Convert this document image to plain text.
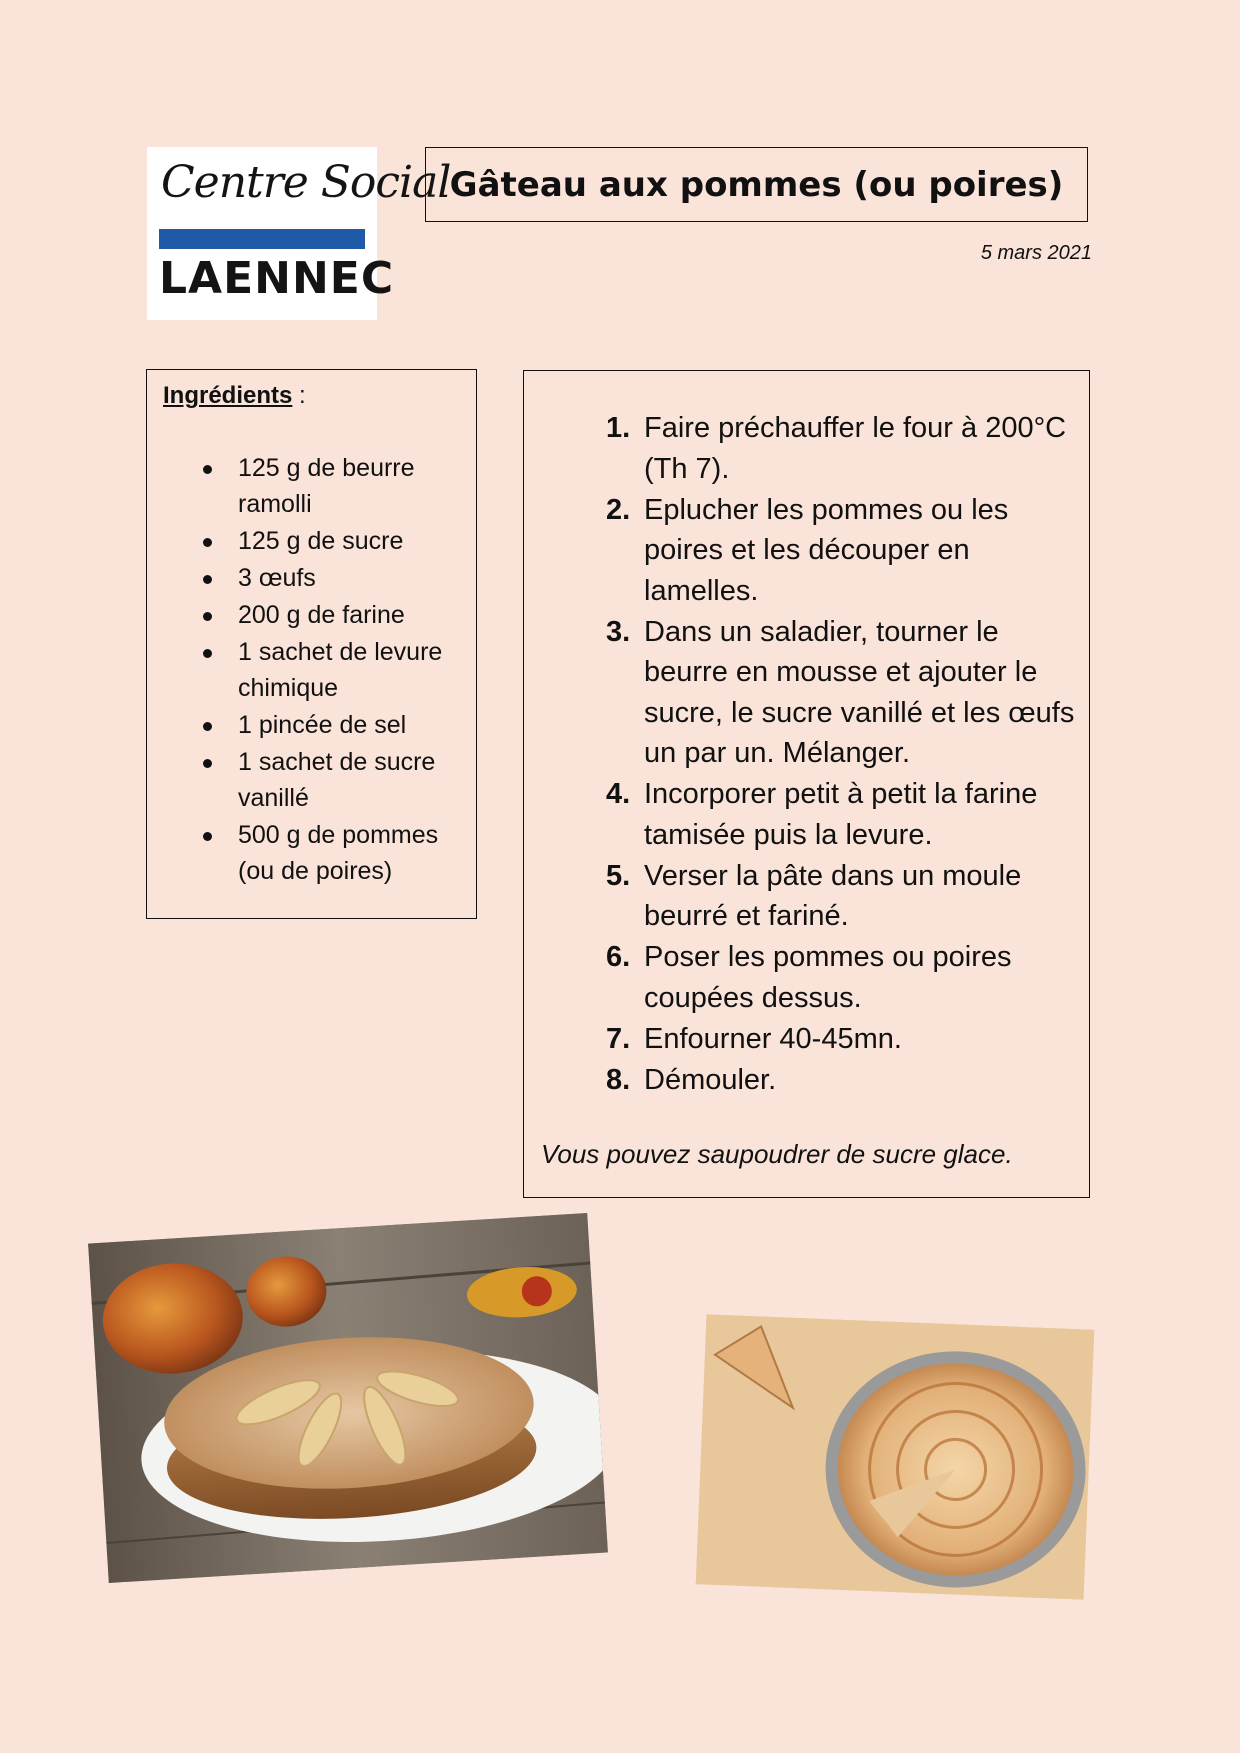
Centre Social
LAENNEC
Gâteau aux pommes (ou poires)
5 mars 2021
Ingrédients :
125 g de beurre ramolli
125 g de sucre
3 œufs
200 g de farine
1 sachet de levure chimique
1 pincée de sel
1 sachet de sucre vanillé
500 g de pommes (ou de poires)
1. Faire préchauffer le four à 200°C (Th 7).
2. Eplucher les pommes ou les poires et les découper en lamelles.
3. Dans un saladier, tourner le beurre en mousse et ajouter le sucre, le sucre vanillé et les œufs un par un. Mélanger.
4. Incorporer petit à petit la farine tamisée puis la levure.
5. Verser la pâte dans un moule beurré et fariné.
6. Poser les pommes ou poires coupées dessus.
7. Enfourner 40-45mn.
8. Démouler.
Vous pouvez saupoudrer de sucre glace.
